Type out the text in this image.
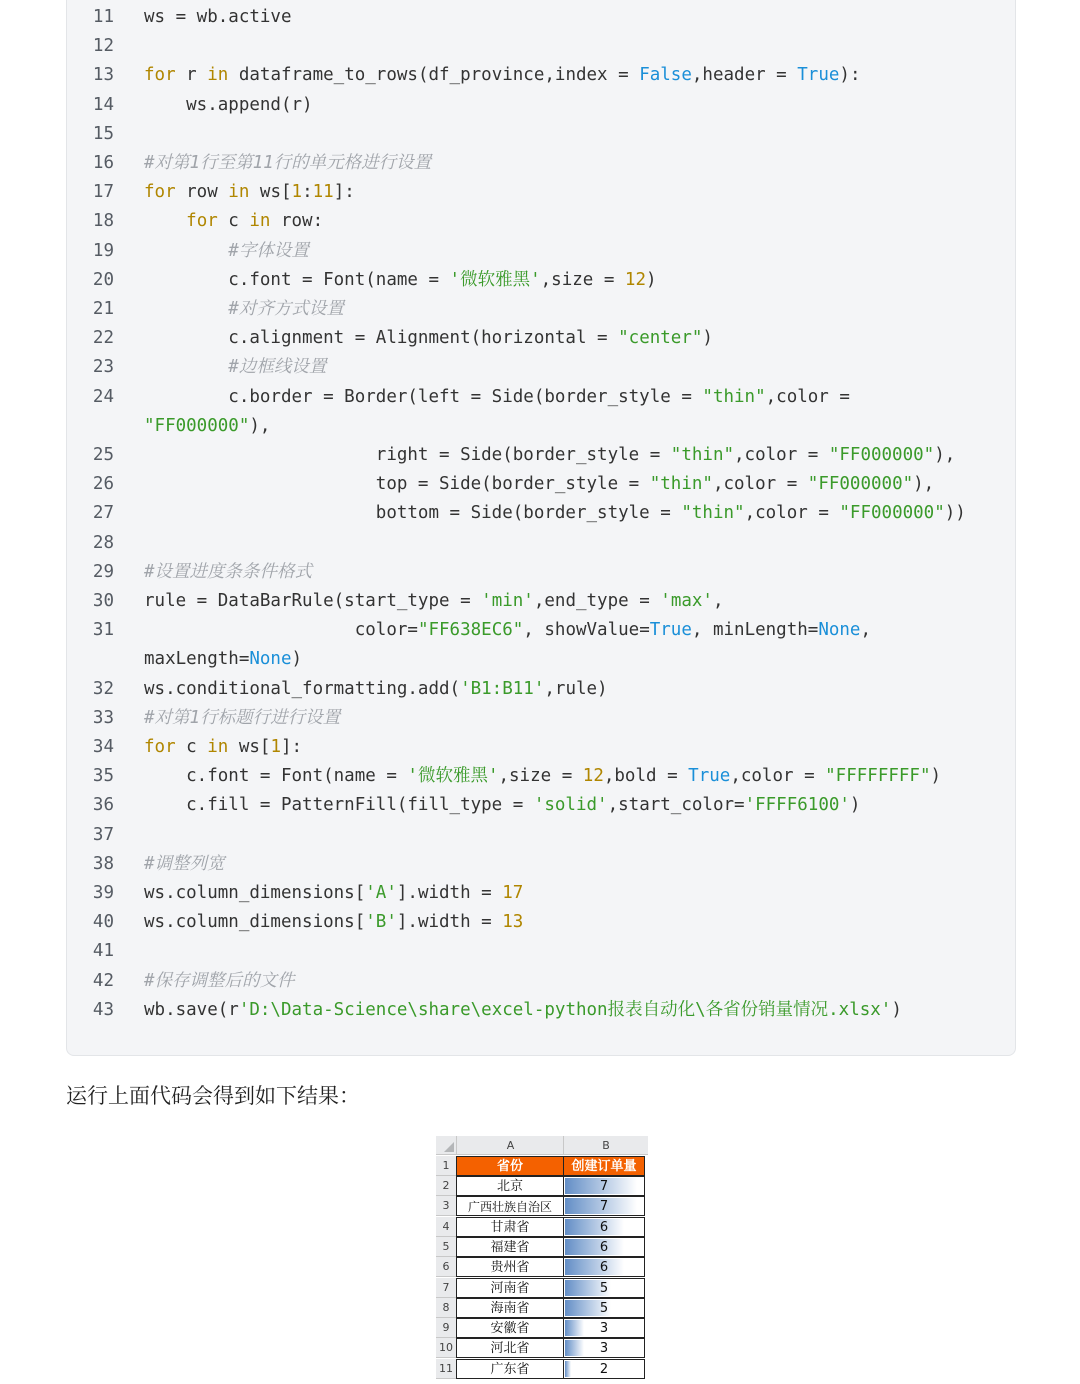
11 ws = wb.active
12
13 for r in dataframe_to_rows(df_province,index = False,header = True):
14 ws.append(r)
15
16 #对第1行至第11行的单元格进行设置
17 for row in ws[1:11]:
18	for c in row:
19	#字体设置
20 c.font = Font(name = '微软雅黑',size = 12)
21	#对齐方式设置
22 c.alignment = Alignment(horizontal = "center")
23	#边框线设置
24 c.border = Border(left = Side(border_style = "thin",color =
"FF000000"),
25 right = Side(border_style = "thin",color = "FF000000"),
26 top = Side(border_style = "thin",color = "FF000000"),
27 bottom = Side(border_style = "thin",color = "FF000000"))
28
29 #设置进度条条件格式
30 rule = DataBarRule(start_type = 'min',end_type = 'max',
31 color="FF638EC6", showValue=True, minLength=None,
maxLength=None)
32 ws.conditional_formatting.add('B1:B11',rule)
33 #对第1行标题行进行设置
34 for c in ws[1]:
35 c.font = Font(name = '微软雅黑',size = 12,bold = True,color = "FFFFFFFF")
36 c.fill = PatternFill(fill_type = 'solid',start_color='FFFF6100')
37
38 #调整列宽
39 ws.column_dimensions['A'].width = 17
40 ws.column_dimensions['B'].width = 13
41
42 #保存调整后的文件
43 wb.save(r'D:\Data-Science\share\excel-python报表自动化\各省份销量情况.xlsx')
运行上面代码会得到如下结果：
A	B
1	省份	创建订单量
2	北京	7
3	广西壮族自治区	7
4	甘肃省	6
5	福建省	6
6	贵州省	6
7	河南省	5
8	海南省	5
9	安徽省	3
10	河北省	3
11	广东省	2
